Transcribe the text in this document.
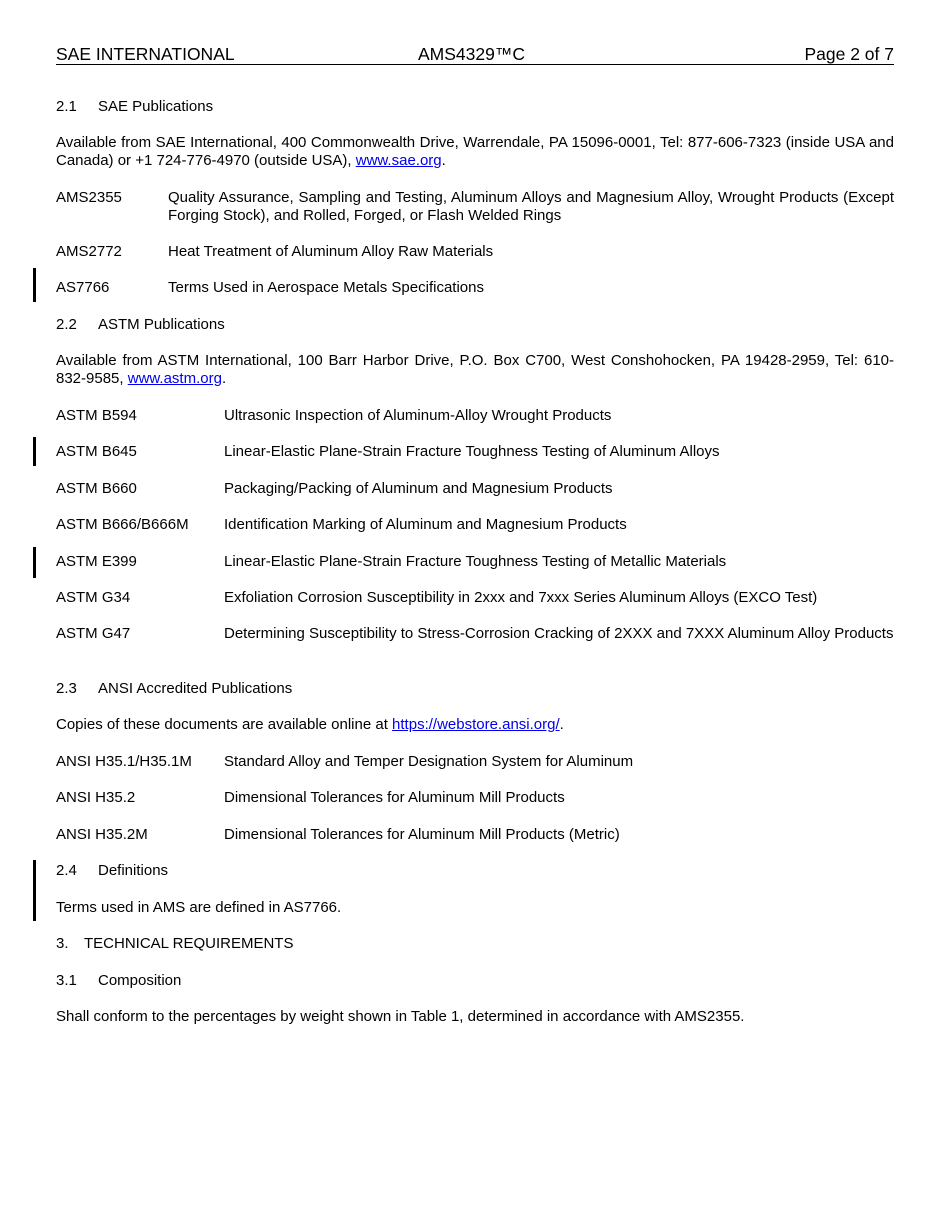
SAE INTERNATIONAL	AMS4329™C	Page 2 of 7
2.1 SAE Publications
Available from SAE International, 400 Commonwealth Drive, Warrendale, PA 15096-0001, Tel: 877-606-7323 (inside USA and Canada) or +1 724-776-4970 (outside USA), www.sae.org.
AMS2355	Quality Assurance, Sampling and Testing, Aluminum Alloys and Magnesium Alloy, Wrought Products (Except Forging Stock), and Rolled, Forged, or Flash Welded Rings
AMS2772	Heat Treatment of Aluminum Alloy Raw Materials
AS7766	Terms Used in Aerospace Metals Specifications
2.2 ASTM Publications
Available from ASTM International, 100 Barr Harbor Drive, P.O. Box C700, West Conshohocken, PA 19428-2959, Tel: 610-832-9585, www.astm.org.
ASTM B594	Ultrasonic Inspection of Aluminum-Alloy Wrought Products
ASTM B645	Linear-Elastic Plane-Strain Fracture Toughness Testing of Aluminum Alloys
ASTM B660	Packaging/Packing of Aluminum and Magnesium Products
ASTM B666/B666M Identification Marking of Aluminum and Magnesium Products
ASTM E399	Linear-Elastic Plane-Strain Fracture Toughness Testing of Metallic Materials
ASTM G34	Exfoliation Corrosion Susceptibility in 2xxx and 7xxx Series Aluminum Alloys (EXCO Test)
ASTM G47	Determining Susceptibility to Stress-Corrosion Cracking of 2XXX and 7XXX Aluminum Alloy Products
2.3 ANSI Accredited Publications
Copies of these documents are available online at https://webstore.ansi.org/.
ANSI H35.1/H35.1M Standard Alloy and Temper Designation System for Aluminum
ANSI H35.2	Dimensional Tolerances for Aluminum Mill Products
ANSI H35.2M	Dimensional Tolerances for Aluminum Mill Products (Metric)
2.4 Definitions
Terms used in AMS are defined in AS7766.
3. TECHNICAL REQUIREMENTS
3.1 Composition
Shall conform to the percentages by weight shown in Table 1, determined in accordance with AMS2355.
